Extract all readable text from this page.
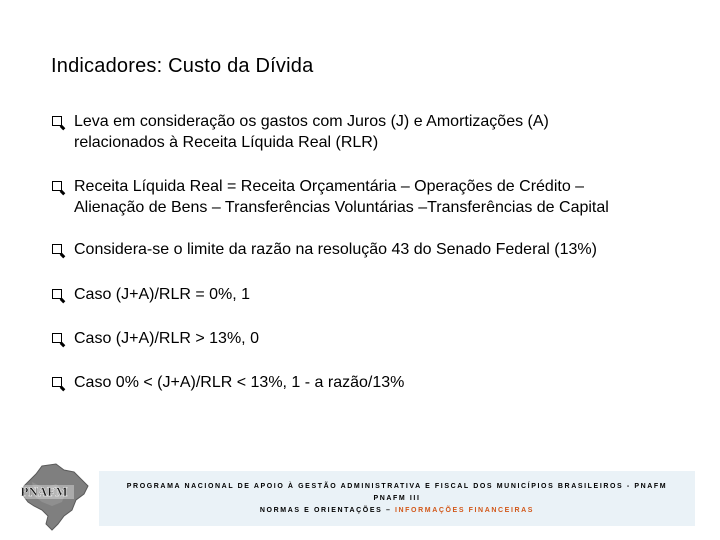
Indicadores: Custo da Dívida
Leva em consideração os gastos com Juros (J) e Amortizações (A)
relacionados à Receita Líquida Real (RLR)
Receita Líquida Real = Receita Orçamentária – Operações de Crédito –
Alienação de Bens – Transferências Voluntárias –Transferências de Capital
Considera-se o limite da razão na resolução 43 do Senado Federal (13%)
Caso (J+A)/RLR = 0%, 1
Caso (J+A)/RLR > 13%, 0
Caso 0% < (J+A)/RLR < 13%, 1 - a razão/13%
PNAFM	PROGRAMA NACIONAL DE APOIO À GESTÃO ADMINISTRATIVA E FISCAL DOS MUNICÍPIOS BRASILEIROS - PNAFM
PNAFM III
NORMAS E ORIENTAÇÕES – INFORMAÇÕES FINANCEIRAS
